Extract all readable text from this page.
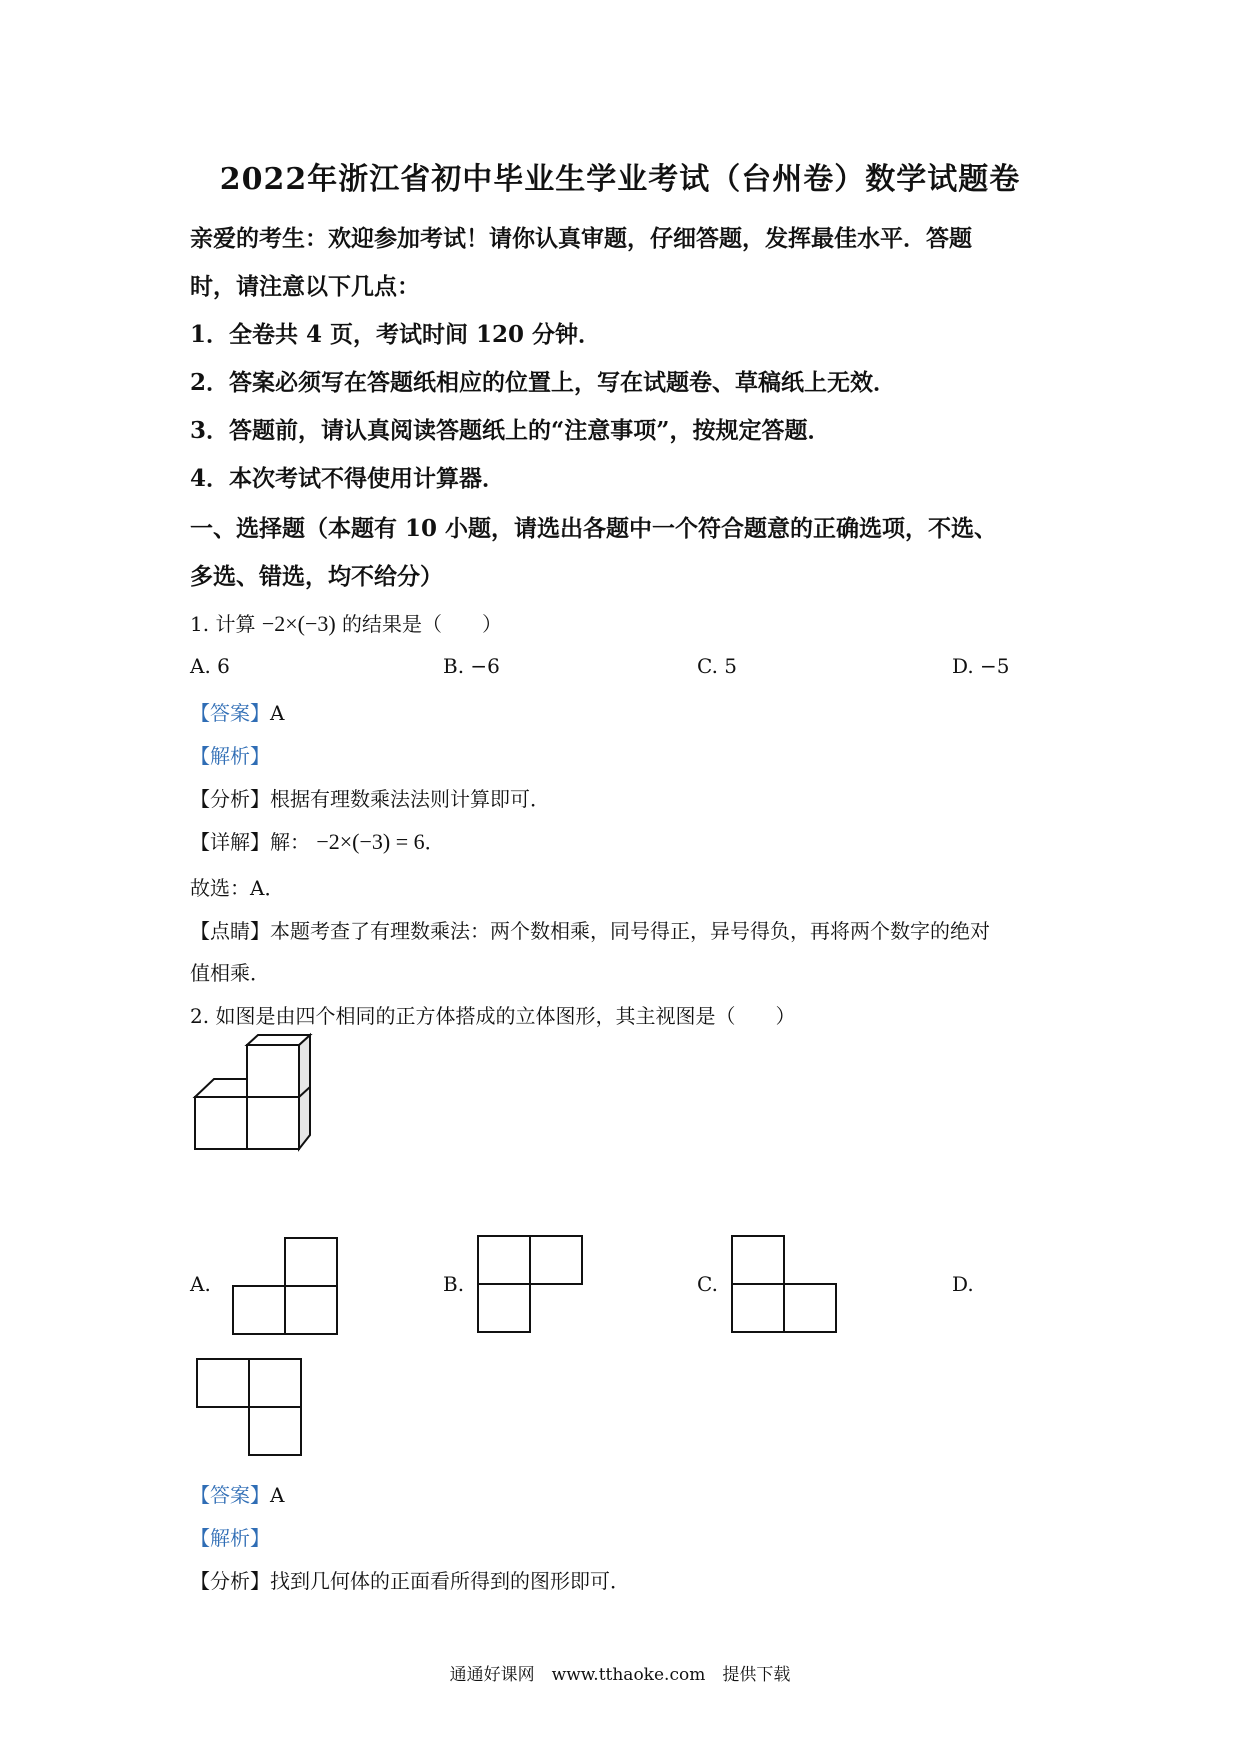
2022年浙江省初中毕业生学业考试（台州卷）数学试题卷
亲爱的考生：欢迎参加考试！请你认真审题，仔细答题，发挥最佳水平．答题
时，请注意以下几点：
1．全卷共 4 页，考试时间 120 分钟．
2．答案必须写在答题纸相应的位置上，写在试题卷、草稿纸上无效．
3．答题前，请认真阅读答题纸上的“注意事项”，按规定答题．
4．本次考试不得使用计算器．
一、选择题（本题有 10 小题，请选出各题中一个符合题意的正确选项，不选、
多选、错选，均不给分）
1. 计算 −2×(−3) 的结果是（　　）
A. 6	B. −6	C. 5	D. −5
【答案】A
【解析】
【分析】根据有理数乘法法则计算即可．
【详解】解： −2×(−3) = 6．
故选：A．
【点睛】本题考查了有理数乘法：两个数相乘，同号得正，异号得负，再将两个数字的绝对
值相乘．
2. 如图是由四个相同的正方体搭成的立体图形，其主视图是（　　）
A.	B.	C.	D.
【答案】A
【解析】
【分析】找到几何体的正面看所得到的图形即可．
通通好课网　www.tthaoke.com　提供下载
